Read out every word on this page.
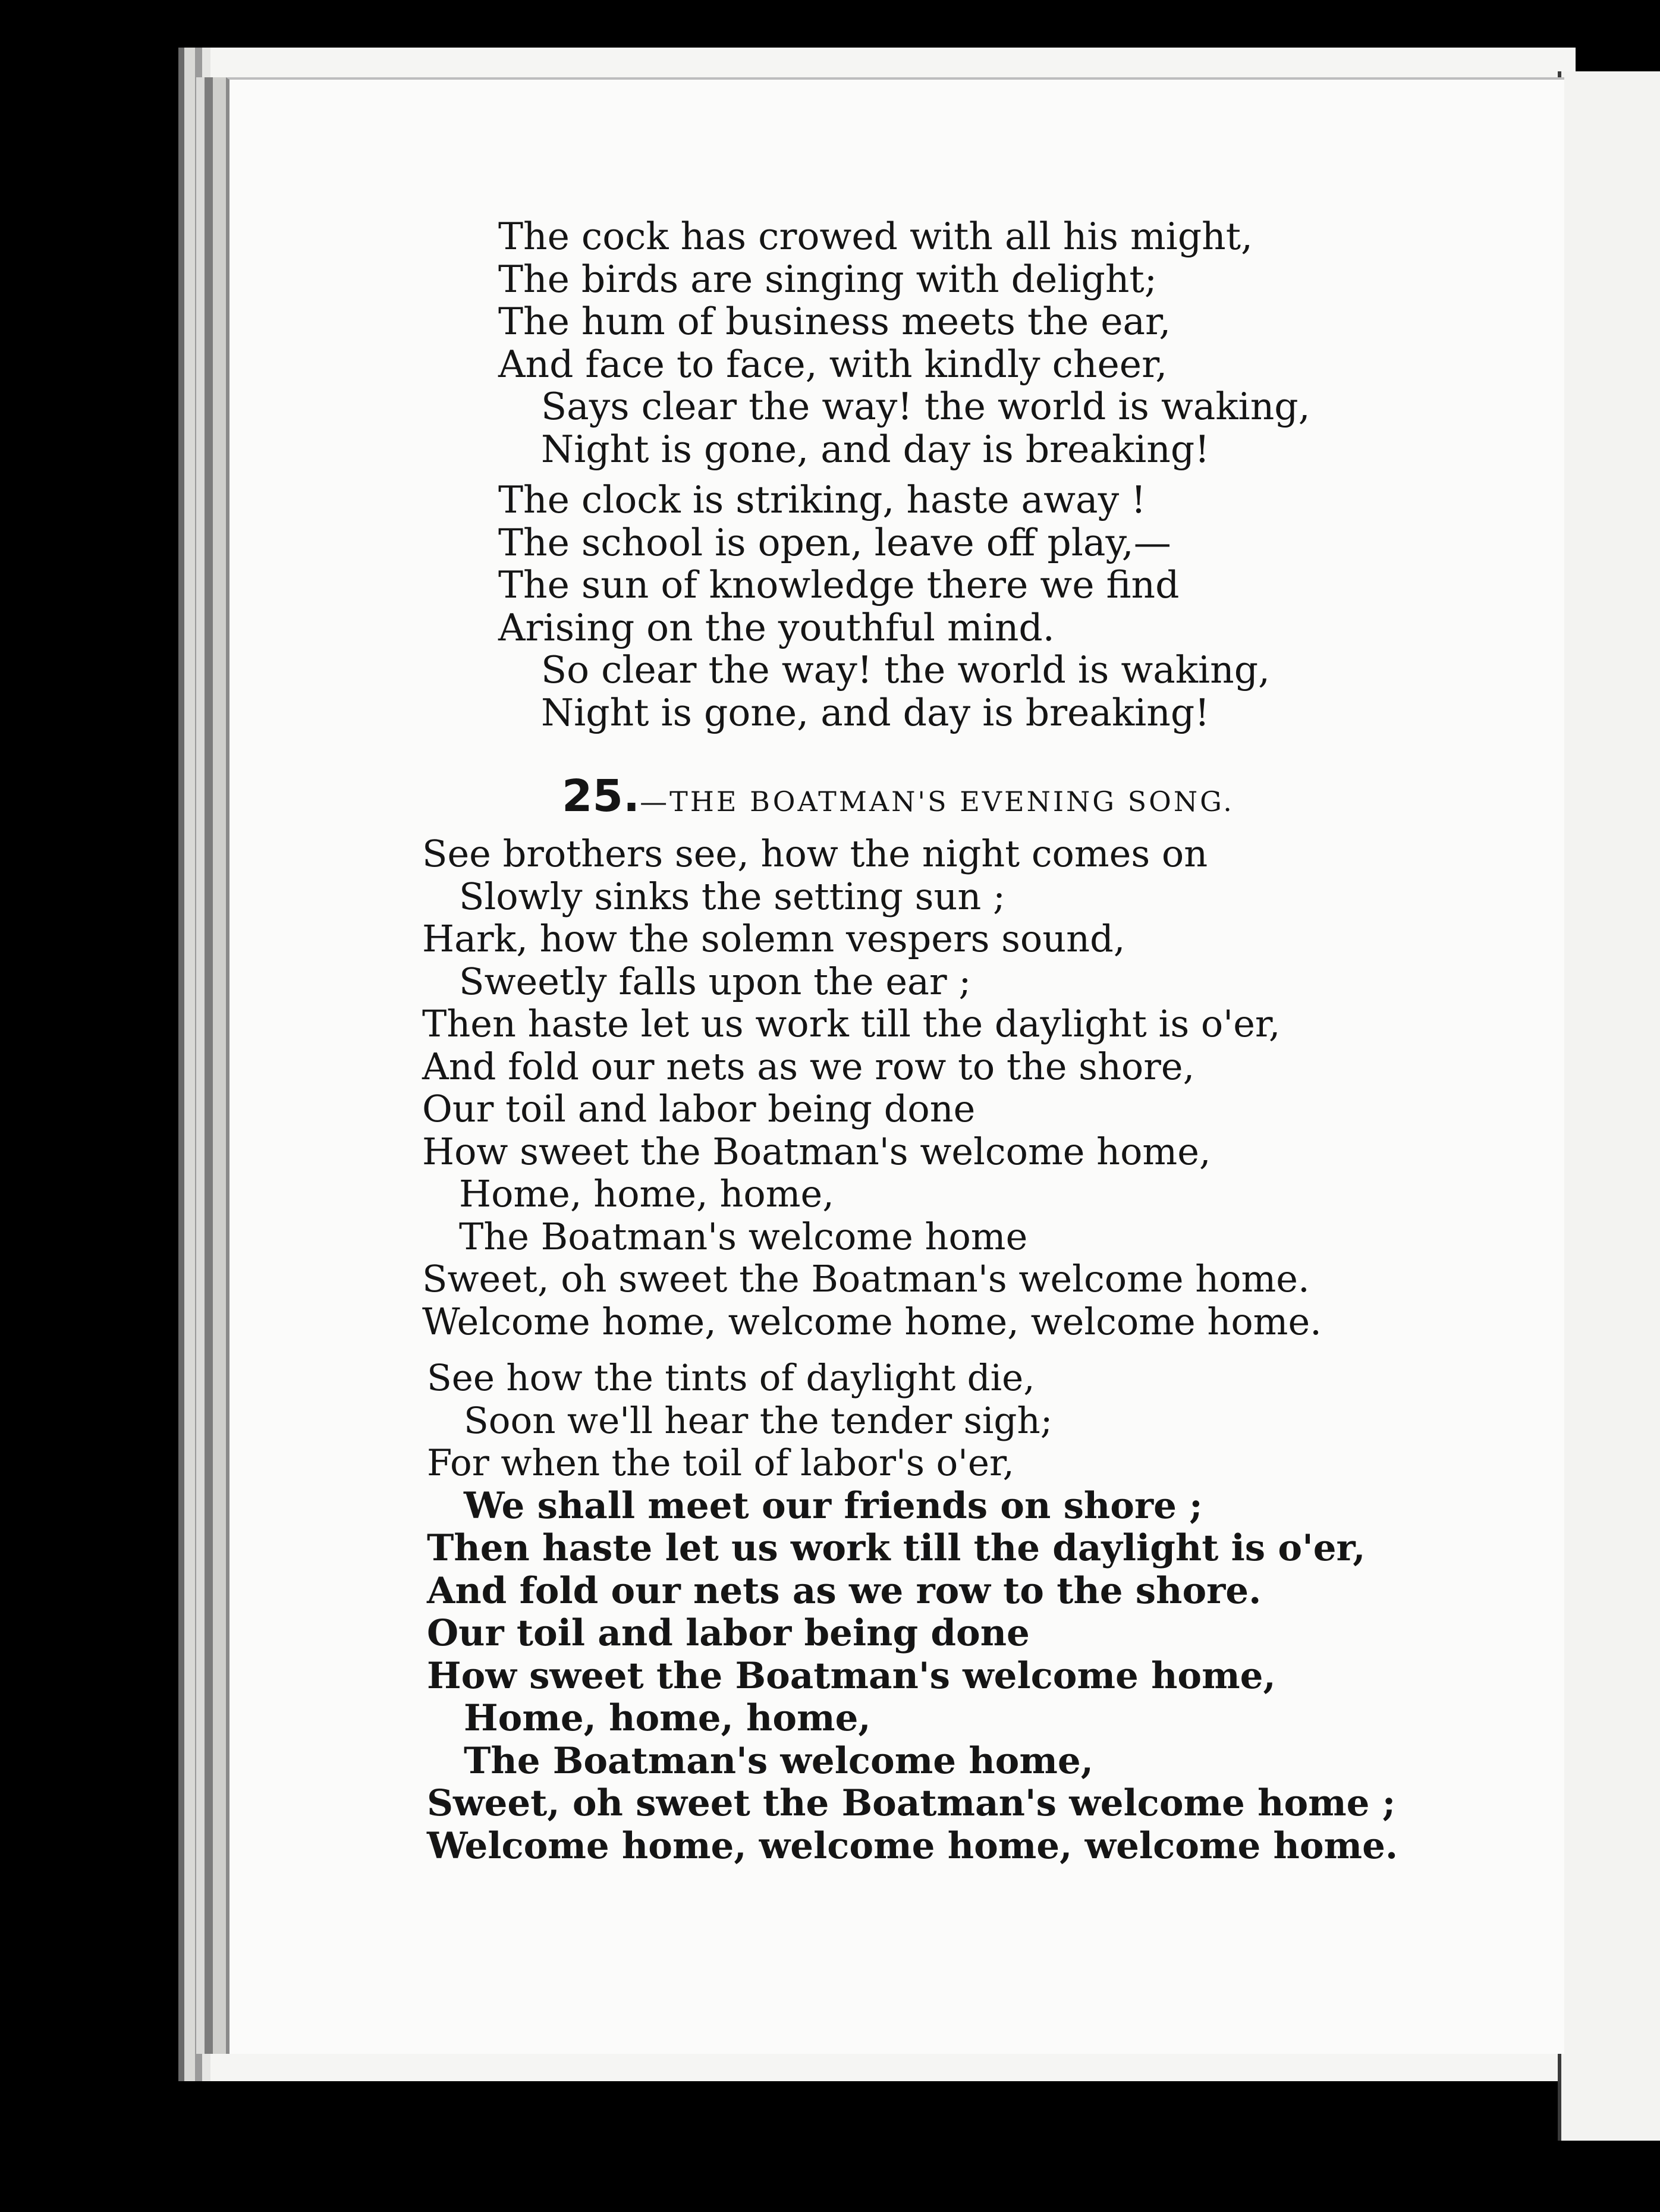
The cock has crowed with all his might,
The birds are singing with delight;
The hum of business meets the ear,
And face to face, with kindly cheer,
Says clear the way! the world is waking,
Night is gone, and day is breaking!
The clock is striking, haste away !
The school is open, leave off play,—
The sun of knowledge there we find
Arising on the youthful mind.
So clear the way! the world is waking,
Night is gone, and day is breaking!
25.—THE BOATMAN'S EVENING SONG.
See brothers see, how the night comes on
Slowly sinks the setting sun ;
Hark, how the solemn vespers sound,
Sweetly falls upon the ear ;
Then haste let us work till the daylight is o'er,
And fold our nets as we row to the shore,
Our toil and labor being done
How sweet the Boatman's welcome home,
Home, home, home,
The Boatman's welcome home
Sweet, oh sweet the Boatman's welcome home.
Welcome home, welcome home, welcome home.
See how the tints of daylight die,
Soon we'll hear the tender sigh;
For when the toil of labor's o'er,
We shall meet our friends on shore ;
Then haste let us work till the daylight is o'er,
And fold our nets as we row to the shore.
Our toil and labor being done
How sweet the Boatman's welcome home,
Home, home, home,
The Boatman's welcome home,
Sweet, oh sweet the Boatman's welcome home ;
Welcome home, welcome home, welcome home.
